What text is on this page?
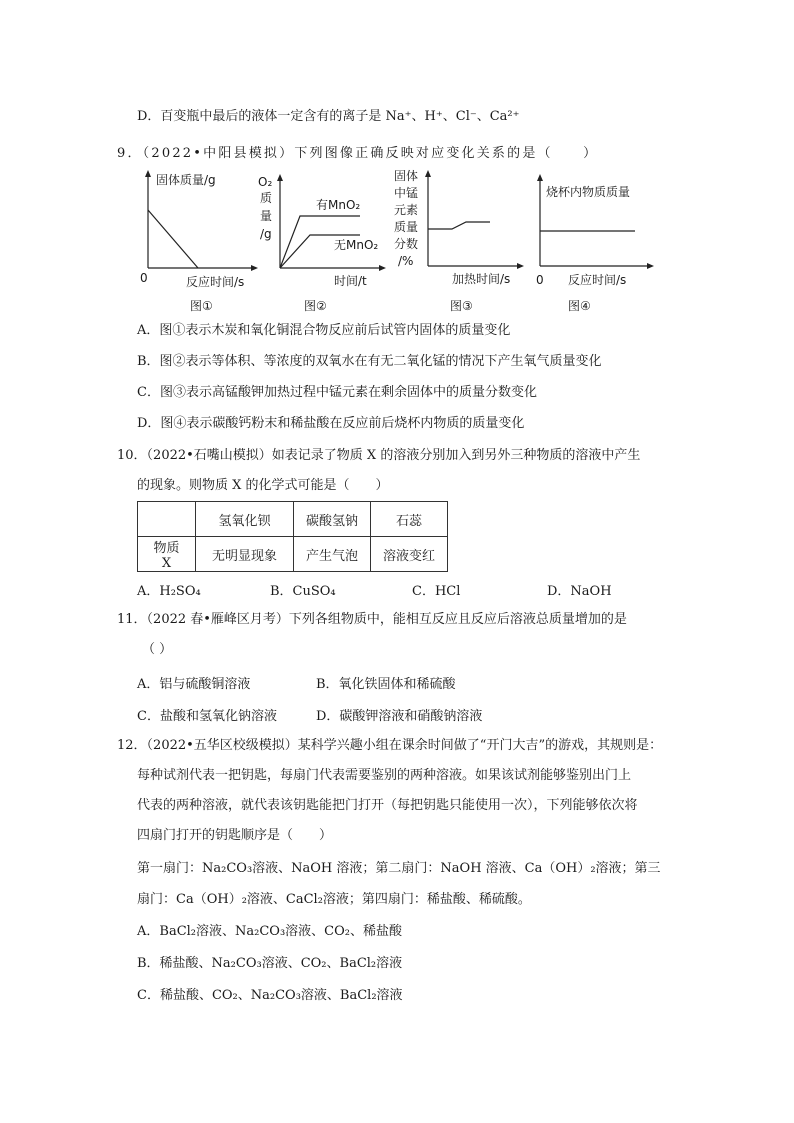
D．百变瓶中最后的液体一定含有的离子是 Na⁺、H⁺、Cl⁻、Ca²⁺
9．（2022•中阳县模拟）下列图像正确反映对应变化关系的是（　　）
固体质量/g
0	反应时间/s
图①
O₂
质
量
/g
有MnO₂
无MnO₂
时间/t
图②
固体
中锰
元素
质量
分数
/%
加热时间/s
图③
烧杯内物质质量
0 反应时间/s
图④
A．图①表示木炭和氧化铜混合物反应前后试管内固体的质量变化
B．图②表示等体积、等浓度的双氧水在有无二氧化锰的情况下产生氧气质量变化
C．图③表示高锰酸钾加热过程中锰元素在剩余固体中的质量分数变化
D．图④表示碳酸钙粉末和稀盐酸在反应前后烧杯内物质的质量变化
10．（2022•石嘴山模拟）如表记录了物质 X 的溶液分别加入到另外三种物质的溶液中产生
的现象。则物质 X 的化学式可能是（　　）
	氢氧化钡	碳酸氢钠	石蕊
物质 X	无明显现象	产生气泡	溶液变红
A．H₂SO₄	B．CuSO₄	C．HCl	D．NaOH
11．（2022 春•雁峰区月考）下列各组物质中，能相互反应且反应后溶液总质量增加的是
（ ）
A．铝与硫酸铜溶液	B．氧化铁固体和稀硫酸
C．盐酸和氢氧化钠溶液	D．碳酸钾溶液和硝酸钠溶液
12．（2022•五华区校级模拟）某科学兴趣小组在课余时间做了“开门大吉”的游戏，其规则是：
每种试剂代表一把钥匙，每扇门代表需要鉴别的两种溶液。如果该试剂能够鉴别出门上
代表的两种溶液，就代表该钥匙能把门打开（每把钥匙只能使用一次），下列能够依次将
四扇门打开的钥匙顺序是（　　）
第一扇门：Na₂CO₃溶液、NaOH 溶液；第二扇门：NaOH 溶液、Ca（OH）₂溶液；第三
扇门：Ca（OH）₂溶液、CaCl₂溶液；第四扇门：稀盐酸、稀硫酸。
A．BaCl₂溶液、Na₂CO₃溶液、CO₂、稀盐酸
B．稀盐酸、Na₂CO₃溶液、CO₂、BaCl₂溶液
C．稀盐酸、CO₂、Na₂CO₃溶液、BaCl₂溶液
